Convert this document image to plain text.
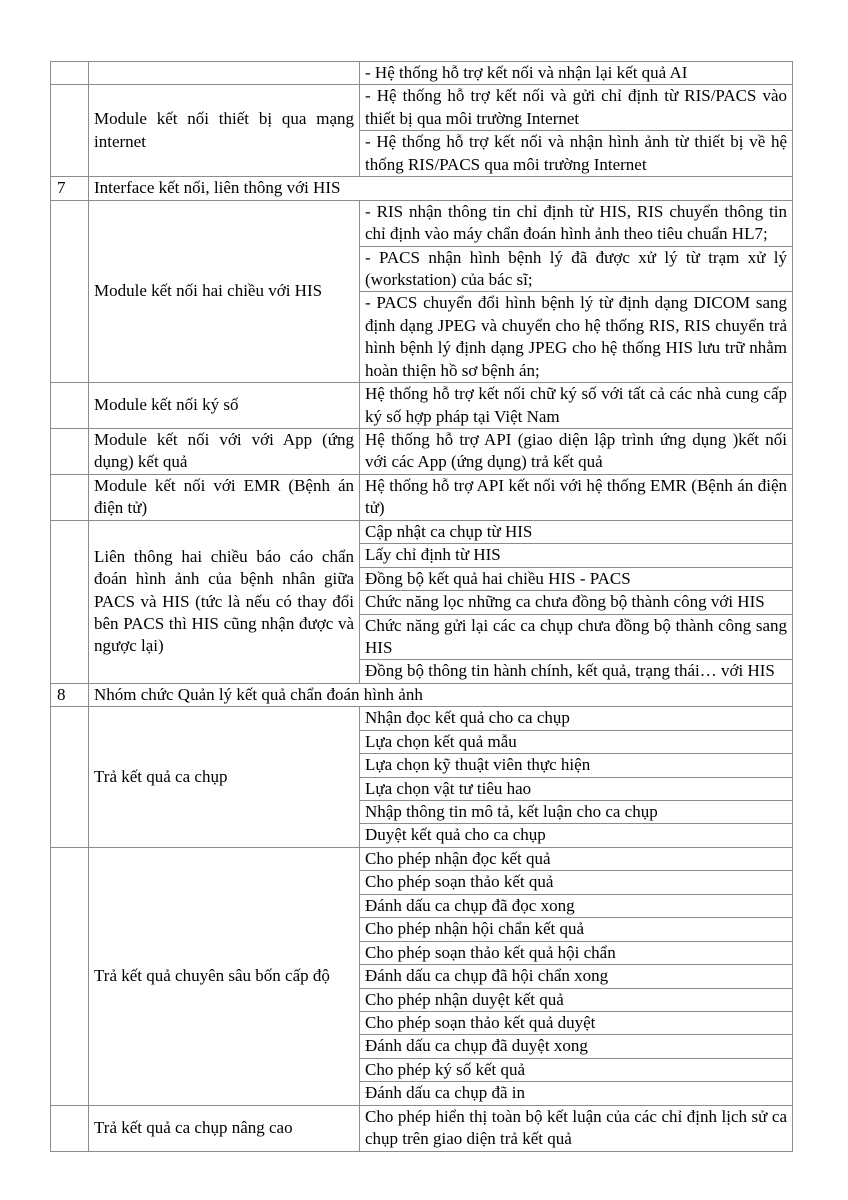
- Hệ thống hỗ trợ kết nối và nhận lại kết quả AI
Module kết nối thiết bị qua mạng internet
- Hệ thống hỗ trợ kết nối và gửi chỉ định từ RIS/PACS vào thiết bị qua môi trường Internet
- Hệ thống hỗ trợ kết nối và nhận hình ảnh từ thiết bị về hệ thống RIS/PACS qua môi trường Internet
7	Interface kết nối, liên thông với HIS
Module kết nối hai chiều với HIS
- RIS nhận thông tin chỉ định từ HIS, RIS chuyển thông tin chỉ định vào máy chẩn đoán hình ảnh theo tiêu chuẩn HL7;
- PACS nhận hình bệnh lý đã được xử lý từ trạm xử lý (workstation) của bác sĩ;
- PACS chuyển đổi hình bệnh lý từ định dạng DICOM sang định dạng JPEG và chuyển cho hệ thống RIS, RIS chuyển trả hình bệnh lý định dạng JPEG cho hệ thống HIS lưu trữ nhằm hoàn thiện hồ sơ bệnh án;
Module kết nối ký số
Hệ thống hỗ trợ kết nối chữ ký số với tất cả các nhà cung cấp ký số hợp pháp tại Việt Nam
Module kết nối với với App (ứng dụng) kết quả
Hệ thống hỗ trợ API (giao diện lập trình ứng dụng )kết nối với các App (ứng dụng) trả kết quả
Module kết nối với EMR (Bệnh án điện tử)
Hệ thống hỗ trợ API kết nối với hệ thống EMR (Bệnh án điện tử)
Liên thông hai chiều báo cáo chẩn đoán hình ảnh của bệnh nhân giữa PACS và HIS (tức là nếu có thay đổi bên PACS thì HIS cũng nhận được và ngược lại)
Cập nhật ca chụp từ HIS
Lấy chỉ định từ HIS
Đồng bộ kết quả hai chiều HIS - PACS
Chức năng lọc những ca chưa đồng bộ thành công với HIS
Chức năng gửi lại các ca chụp chưa đồng bộ thành công sang HIS
Đồng bộ thông tin hành chính, kết quả, trạng thái… với HIS
8	Nhóm chức Quản lý kết quả chẩn đoán hình ảnh
Trả kết quả ca chụp
Nhận đọc kết quả cho ca chụp
Lựa chọn kết quả mẫu
Lựa chọn kỹ thuật viên thực hiện
Lựa chọn vật tư tiêu hao
Nhập thông tin mô tả, kết luận cho ca chụp
Duyệt kết quả cho ca chụp
Trả kết quả chuyên sâu bốn cấp độ
Cho phép nhận đọc kết quả
Cho phép soạn thảo kết quả
Đánh dấu ca chụp đã đọc xong
Cho phép nhận hội chẩn kết quả
Cho phép soạn thảo kết quả hội chẩn
Đánh dấu ca chụp đã hội chẩn xong
Cho phép nhận duyệt kết quả
Cho phép soạn thảo kết quả duyệt
Đánh dấu ca chụp đã duyệt xong
Cho phép ký số kết quả
Đánh dấu ca chụp đã in
Trả kết quả ca chụp nâng cao
Cho phép hiển thị toàn bộ kết luận của các chỉ định lịch sử ca chụp trên giao diện trả kết quả
